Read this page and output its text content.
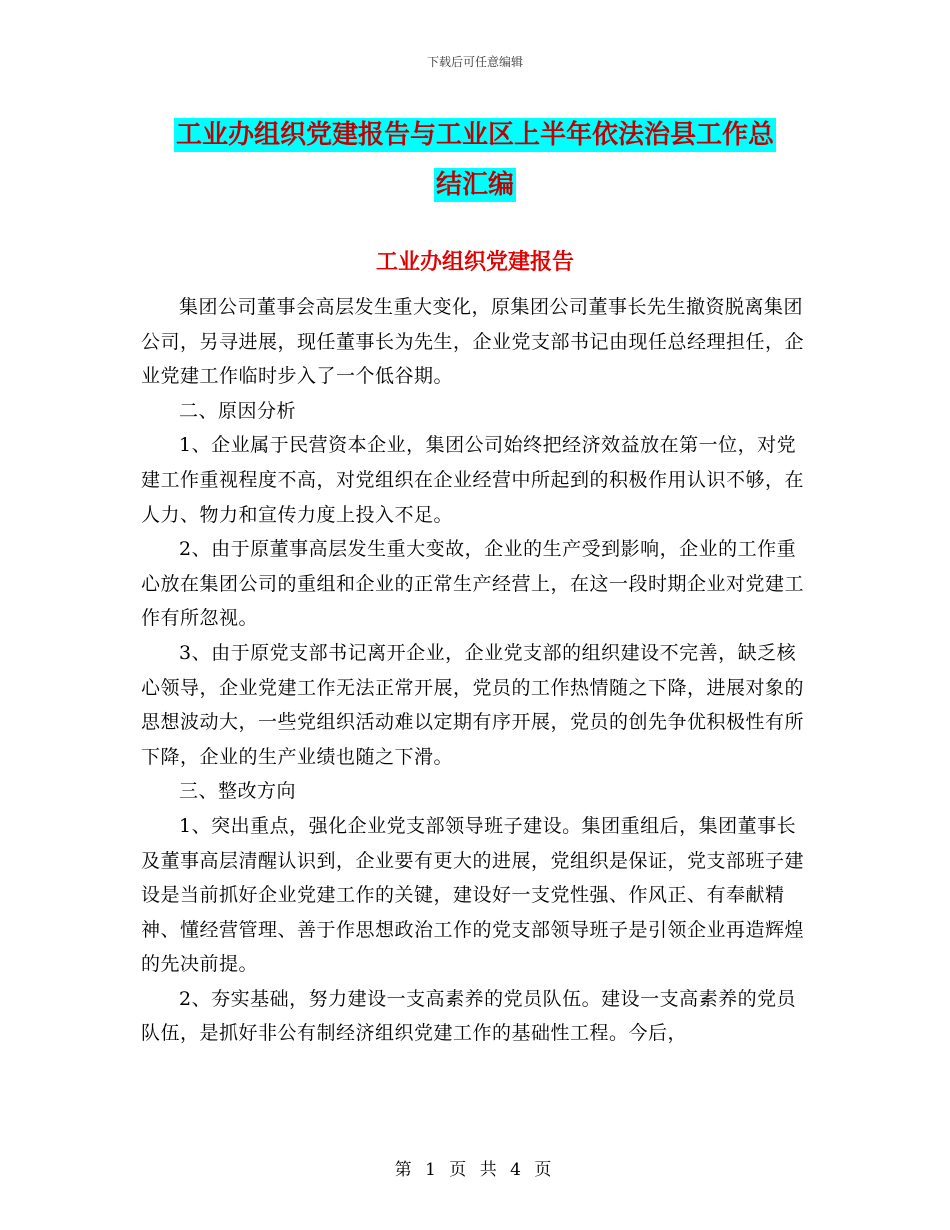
下载后可任意编辑
工业办组织党建报告与工业区上半年依法治县工作总
结汇编
工业办组织党建报告

集团公司董事会高层发生重大变化，原集团公司董事长先生撤资脱离集团公司，另寻进展，现任董事长为先生，企业党支部书记由现任总经理担任，企业党建工作临时步入了一个低谷期。

二、原因分析

1、企业属于民营资本企业，集团公司始终把经济效益放在第一位，对党建工作重视程度不高，对党组织在企业经营中所起到的积极作用认识不够，在人力、物力和宣传力度上投入不足。

2、由于原董事高层发生重大变故，企业的生产受到影响，企业的工作重心放在集团公司的重组和企业的正常生产经营上，在这一段时期企业对党建工作有所忽视。

3、由于原党支部书记离开企业，企业党支部的组织建设不完善，缺乏核心领导，企业党建工作无法正常开展，党员的工作热情随之下降，进展对象的思想波动大，一些党组织活动难以定期有序开展，党员的创先争优积极性有所下降，企业的生产业绩也随之下滑。

三、整改方向

1、突出重点，强化企业党支部领导班子建设。集团重组后，集团董事长及董事高层清醒认识到，企业要有更大的进展，党组织是保证，党支部班子建设是当前抓好企业党建工作的关键，建设好一支党性强、作风正、有奉献精神、懂经营管理、善于作思想政治工作的党支部领导班子是引领企业再造辉煌的先决前提。

2、夯实基础，努力建设一支高素养的党员队伍。建设一支高素养的党员队伍，是抓好非公有制经济组织党建工作的基础性工程。今后，

第 1 页 共 4 页
